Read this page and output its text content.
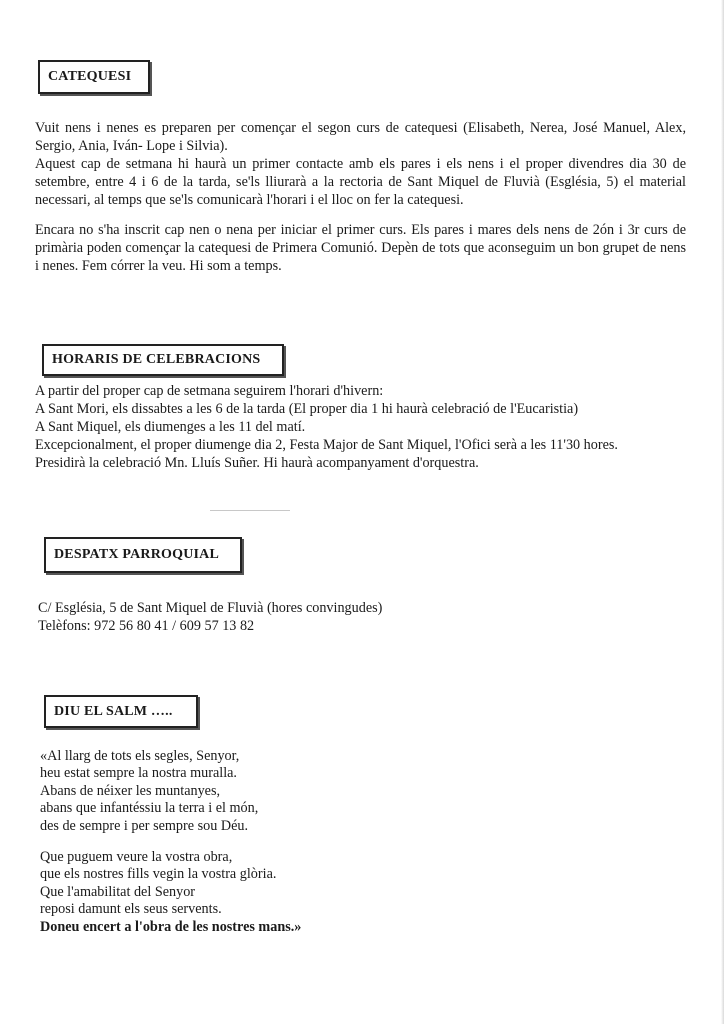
CATEQUESI

Vuit nens i nenes es preparen per començar el segon curs de catequesi (Elisabeth, Nerea, José Manuel, Alex, Sergio, Ania, Iván- Lope i Silvia).

Aquest cap de setmana hi haurà un primer contacte amb els pares i els nens i el proper divendres dia 30 de setembre, entre 4 i 6 de la tarda, se'ls lliurarà a la rectoria de Sant Miquel de Fluvià (Església, 5) el material necessari, al temps que se'ls comunicarà l'horari i el lloc on fer la catequesi.

Encara no s'ha inscrit cap nen o nena per iniciar el primer curs. Els pares i mares dels nens de 2ón i 3r curs de primària poden començar la catequesi de Primera Comunió. Depèn de tots que aconseguim un bon grupet de nens i nenes. Fem córrer la veu. Hi som a temps.

HORARIS DE CELEBRACIONS
A partir del proper cap de setmana seguirem l'horari d'hivern:
A Sant Mori, els dissabtes a les 6 de la tarda (El proper dia 1 hi haurà celebració de l'Eucaristia)
A Sant Miquel, els diumenges a les 11 del matí.
Excepcionalment, el proper diumenge dia 2, Festa Major de Sant Miquel, l'Ofici serà a les 11'30 hores.
Presidirà la celebració Mn. Lluís Suñer. Hi haurà acompanyament d'orquestra.
DESPATX PARROQUIAL
C/ Església, 5 de Sant Miquel de Fluvià (hores convingudes)
Telèfons: 972 56 80 41 / 609 57 13 82
DIU EL SALM …..
«Al llarg de tots els segles, Senyor,
heu estat sempre la nostra muralla.
Abans de néixer les muntanyes,
abans que infantéssiu la terra i el món,
des de sempre i per sempre sou Déu.
Que puguem veure la vostra obra,
que els nostres fills vegin la vostra glòria.
Que l'amabilitat del Senyor
reposi damunt els seus servents.
Doneu encert a l'obra de les nostres mans.»
